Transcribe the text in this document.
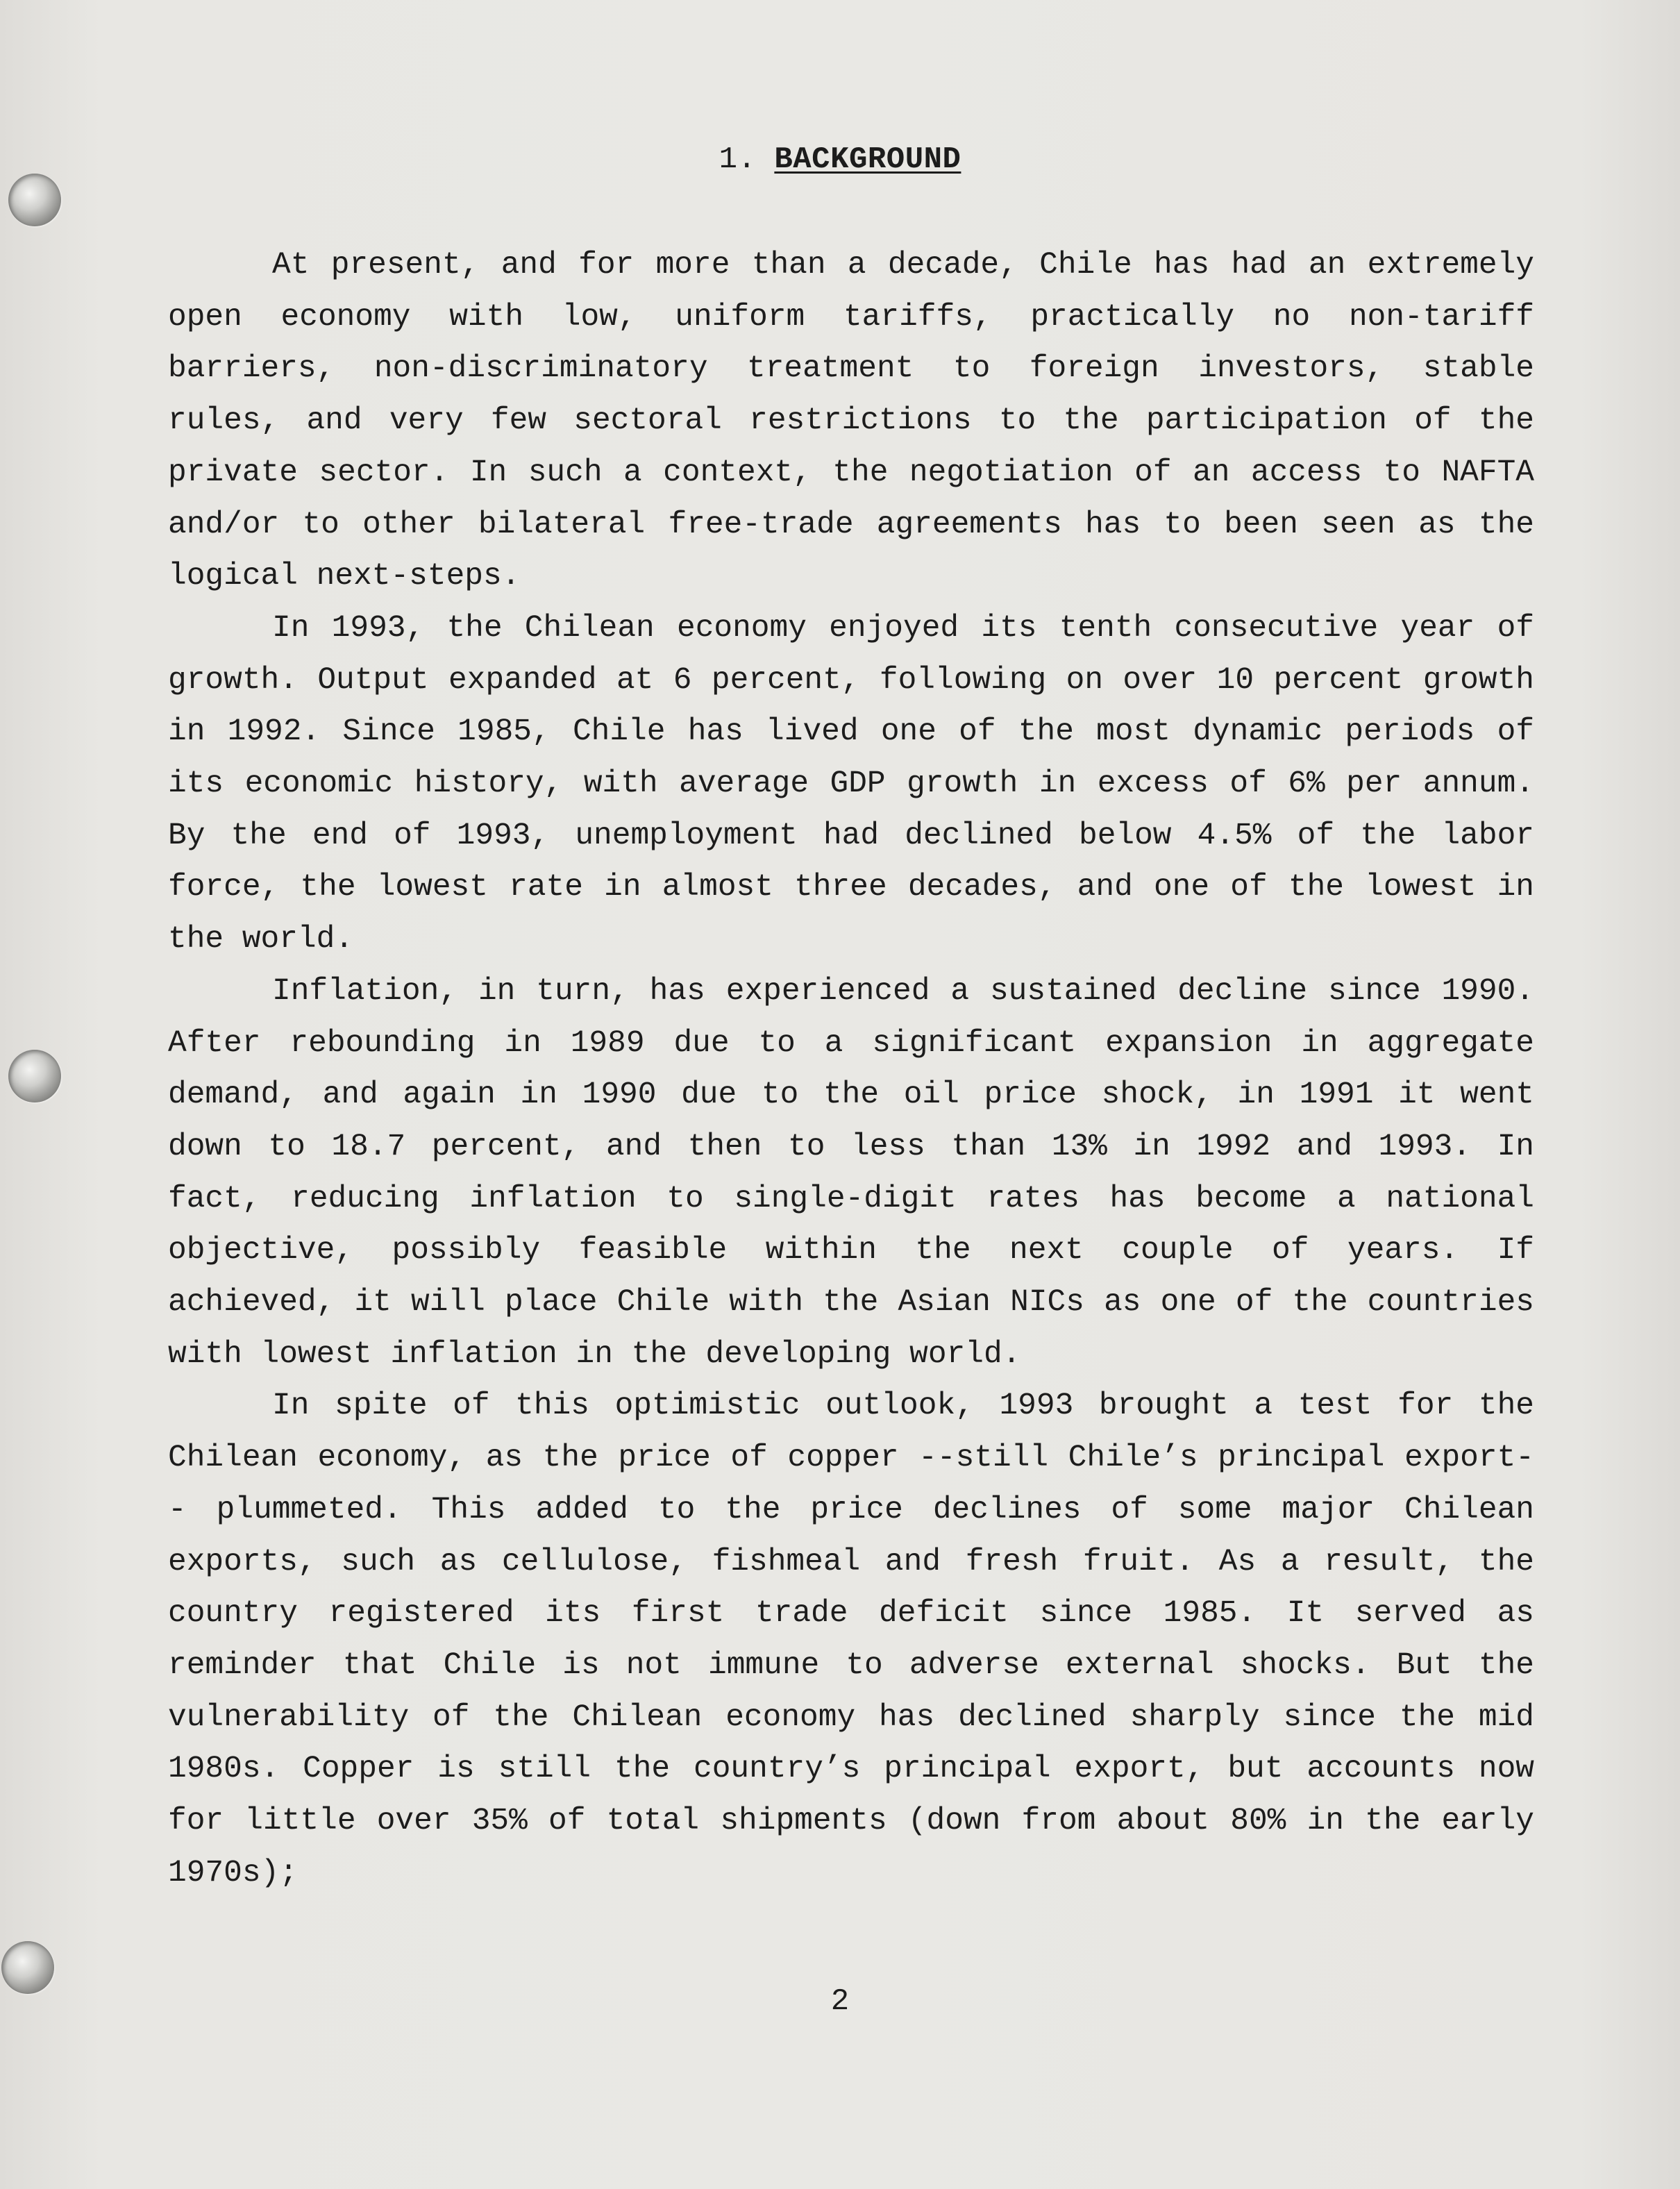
1. BACKGROUND

At present, and for more than a decade, Chile has had an extremely open economy with low, uniform tariffs, practically no non-tariff barriers, non-discriminatory treatment to foreign investors, stable rules, and very few sectoral restrictions to the participation of the private sector. In such a context, the negotiation of an access to NAFTA and/or to other bilateral free-trade agreements has to been seen as the logical next-steps.

In 1993, the Chilean economy enjoyed its tenth consecutive year of growth. Output expanded at 6 percent, following on over 10 percent growth in 1992. Since 1985, Chile has lived one of the most dynamic periods of its economic history, with average GDP growth in excess of 6% per annum. By the end of 1993, unemployment had declined below 4.5% of the labor force, the lowest rate in almost three decades, and one of the lowest in the world.

Inflation, in turn, has experienced a sustained decline since 1990. After rebounding in 1989 due to a significant expansion in aggregate demand, and again in 1990 due to the oil price shock, in 1991 it went down to 18.7 percent, and then to less than 13% in 1992 and 1993. In fact, reducing inflation to single-digit rates has become a national objective, possibly feasible within the next couple of years. If achieved, it will place Chile with the Asian NICs as one of the countries with lowest inflation in the developing world.

In spite of this optimistic outlook, 1993 brought a test for the Chilean economy, as the price of copper --still Chile’s principal export-- plummeted. This added to the price declines of some major Chilean exports, such as cellulose, fishmeal and fresh fruit. As a result, the country registered its first trade deficit since 1985. It served as reminder that Chile is not immune to adverse external shocks. But the vulnerability of the Chilean economy has declined sharply since the mid 1980s. Copper is still the country’s principal export, but accounts now for little over 35% of total shipments (down from about 80% in the early 1970s);

2
